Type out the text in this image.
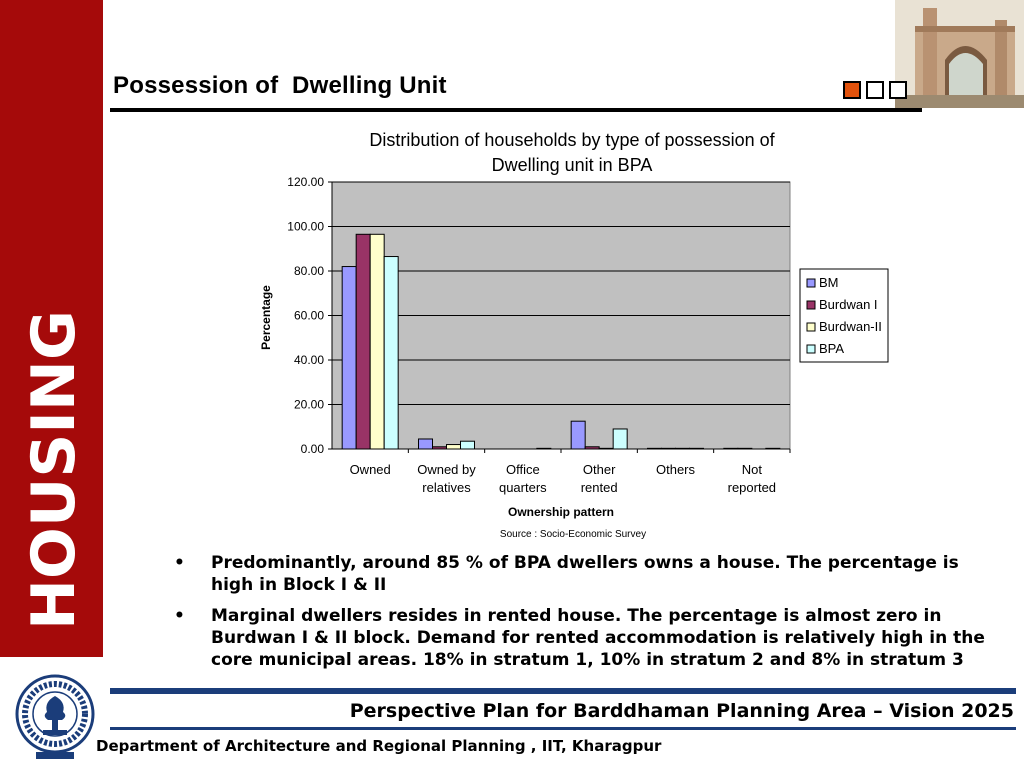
HOUSING
Possession of  Dwelling Unit
Distribution of households by type of possession of
Dwelling unit in BPA
0.00
20.00
40.00
60.00
80.00
100.00
120.00
Owned Owned by
relatives
Office
quarters
Other
rented
Others	Not
reported
Ownership pattern
Percentage
Source : Socio-Economic Survey
BM
Burdwan I
Burdwan-II
BPA
• Predominantly, around 85 % of BPA dwellers owns a house. The percentage is high in Block I & II
• Marginal dwellers resides in rented house. The percentage is almost zero in Burdwan I & II block. Demand for rented accommodation is relatively high in the core municipal areas. 18% in stratum 1, 10% in stratum 2 and 8% in stratum 3
Perspective Plan for Barddhaman Planning Area – Vision 2025
Department of Architecture and Regional Planning , IIT, Kharagpur
